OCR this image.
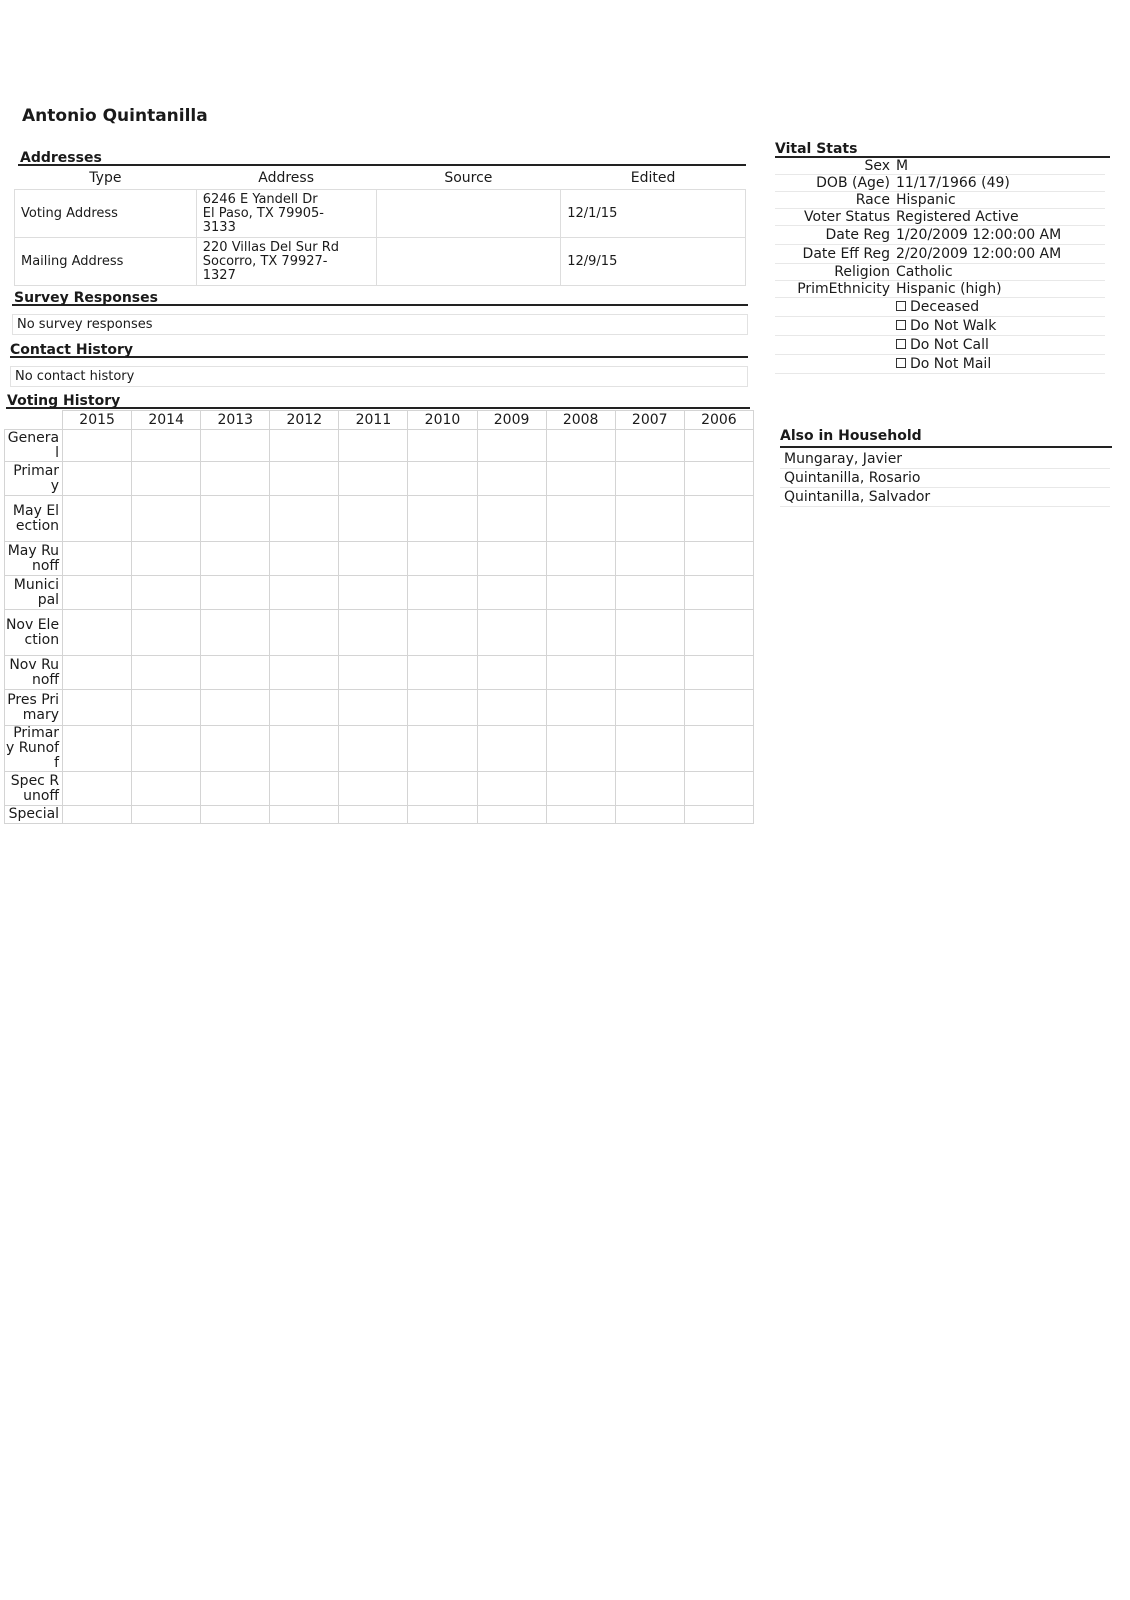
Antonio Quintanilla
Addresses
Type	Address	Source	Edited
Voting Address	6246 E Yandell Dr
El Paso, TX 79905-
3133		12/1/15
Mailing Address	220 Villas Del Sur Rd
Socorro, TX 79927-
1327		12/9/15
Survey Responses
No survey responses
Contact History
No contact history
Voting History
	2015	2014	2013	2012	2011	2010	2009	2008	2007	2006
General										
Primary										
May Election										
May Runoff										
Municipal										
Nov Election										
Nov Runoff										
Pres Primary										
Primary Runoff										
Spec Runoff										
Special										
Vital Stats
Sex	M
DOB (Age)	11/17/1966 (49)
Race	Hispanic
Voter Status	Registered Active
Date Reg	1/20/2009 12:00:00 AM
Date Eff Reg	2/20/2009 12:00:00 AM
Religion	Catholic
PrimEthnicity	Hispanic (high)
	Deceased
	Do Not Walk
	Do Not Call
	Do Not Mail
Also in Household
Mungaray, Javier
Quintanilla, Rosario
Quintanilla, Salvador
